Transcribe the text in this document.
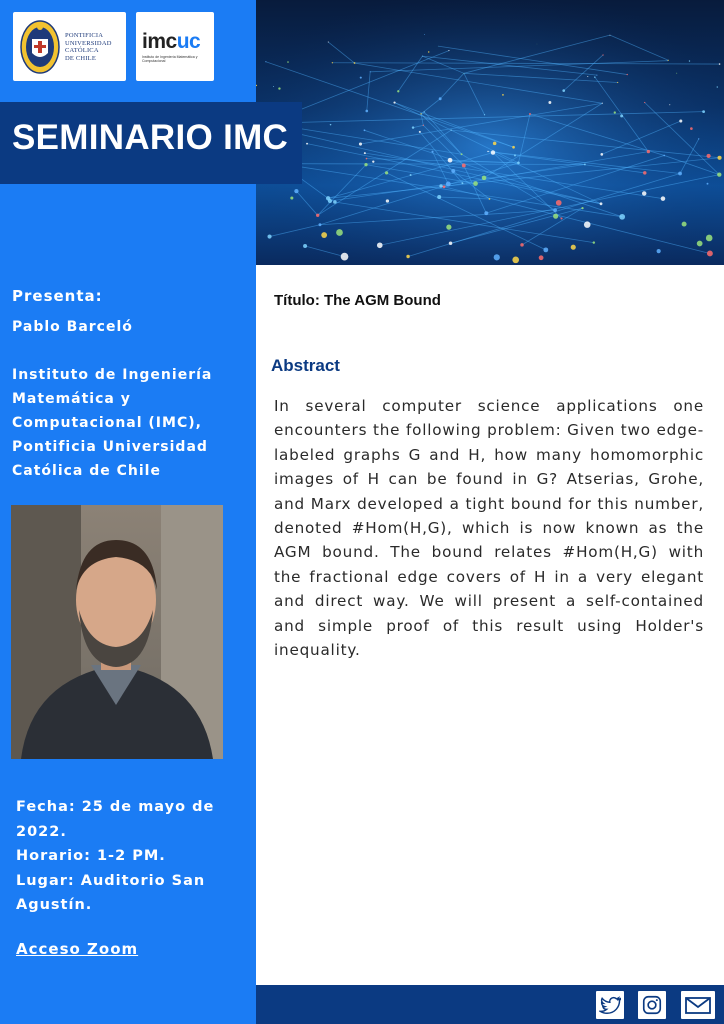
PONTIFICIA
UNIVERSIDAD
CATÓLICA
DE CHILE
imcuc
Instituto de Ingeniería Matemática y Computacional
SEMINARIO IMC
Presenta:
Pablo Barceló
Instituto de Ingeniería Matemática y Computacional (IMC), Pontificia Universidad Católica de Chile
Fecha: 25 de mayo de 2022.
Horario: 1-2 PM.
Lugar: Auditorio San Agustín.
Acceso Zoom
Título: The AGM Bound
Abstract
In several computer science applications one encounters the following problem: Given two edge-labeled graphs G and H, how many homomorphic images of H can be found in G? Atserias, Grohe, and Marx developed a tight bound for this number, denoted #Hom(H,G), which is now known as the AGM bound. The bound relates #Hom(H,G) with the fractional edge covers of H in a very elegant and direct way. We will present a self-contained and simple proof of this result using Holder's inequality.
